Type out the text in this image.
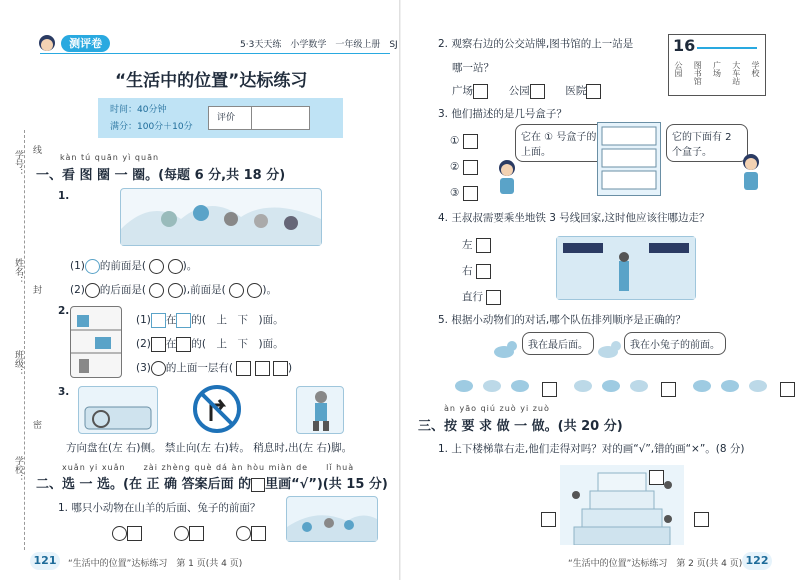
测评卷	5·3天天练　小学数学　一年级上册　SJ
“生活中的位置”达标练习
时间：40分钟
满分：100分＋10分
评价
学号：
姓名：
班级：
学校：
线
封
密
kàn tú quān yì quān
一、看 图 圈 一 圈。(每题 6 分,共 18 分)
1.
(1) 的前面是(	)。
(2) 的后面是(	),前面是(	)。
2.
(1) 在 的(　上　下　)面。
(2) 在 的(　上　下　)面。
(3) 的上面一层有(	)
3.
方向盘在(左 右)侧。 禁止向(左 右)转。 稍息时,出(左 右)脚。
xuǎn yi xuǎn　　zài zhèng què dá àn hòu miàn de　　lǐ huà
二、选 一 选。(在 正 确 答案后面 的 里画“√”)(共 15 分)
1. 哪只小动物在山羊的后面、兔子的前面？

121	“生活中的位置”达标练习　第 1 页(共 4 页)
2. 观察右边的公交站牌,图书馆的上一站是
哪一站？
广场	公园	医院
16
公园 图书馆 广场 大车站 学校
3. 他们描述的是几号盒子？
①
②
③
它在 ① 号盒子的上面。
它的下面有 2 个盒子。
4. 王叔叔需要乘坐地铁 3 号线回家,这时他应该往哪边走？
左
右
直行
5. 根据小动物们的对话,哪个队伍排列顺序是正确的？
我在最后面。	我在小兔子的前面。

àn yāo qiú zuò yi zuò
三、按 要 求 做 一 做。(共 20 分)
1. 上下楼梯靠右走,他们走得对吗？对的画“√”,错的画“×”。(8 分)
“生活中的位置”达标练习　第 2 页(共 4 页) 122
